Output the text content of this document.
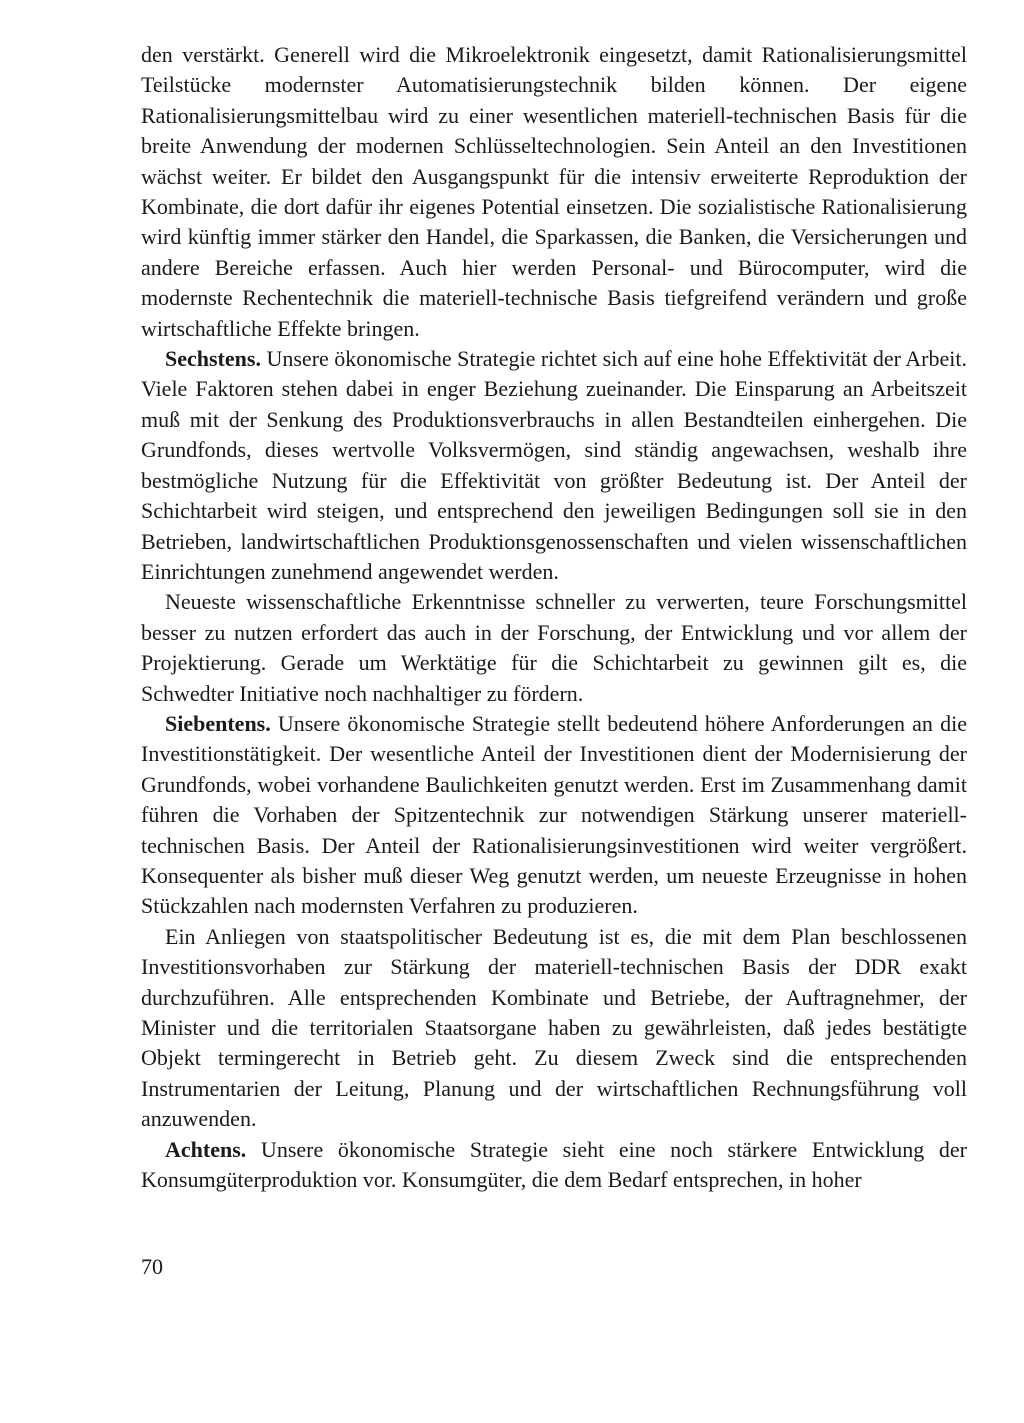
den verstärkt. Generell wird die Mikroelektronik eingesetzt, damit Rationalisierungsmittel Teilstücke modernster Automatisierungstechnik bilden können. Der eigene Rationalisierungsmittelbau wird zu einer wesentlichen materiell-technischen Basis für die breite Anwendung der modernen Schlüsseltechnologien. Sein Anteil an den Investitionen wächst weiter. Er bildet den Ausgangspunkt für die intensiv erweiterte Reproduktion der Kombinate, die dort dafür ihr eigenes Potential einsetzen. Die sozialistische Rationalisierung wird künftig immer stärker den Handel, die Sparkassen, die Banken, die Versicherungen und andere Bereiche erfassen. Auch hier werden Personal- und Bürocomputer, wird die modernste Rechentechnik die materiell-technische Basis tiefgreifend verändern und große wirtschaftliche Effekte bringen.

Sechstens. Unsere ökonomische Strategie richtet sich auf eine hohe Effektivität der Arbeit. Viele Faktoren stehen dabei in enger Beziehung zueinander. Die Einsparung an Arbeitszeit muß mit der Senkung des Produktionsverbrauchs in allen Bestandteilen einhergehen. Die Grundfonds, dieses wertvolle Volksvermögen, sind ständig angewachsen, weshalb ihre bestmögliche Nutzung für die Effektivität von größter Bedeutung ist. Der Anteil der Schichtarbeit wird steigen, und entsprechend den jeweiligen Bedingungen soll sie in den Betrieben, landwirtschaftlichen Produktionsgenossenschaften und vielen wissenschaftlichen Einrichtungen zunehmend angewendet werden.

Neueste wissenschaftliche Erkenntnisse schneller zu verwerten, teure Forschungsmittel besser zu nutzen erfordert das auch in der Forschung, der Entwicklung und vor allem der Projektierung. Gerade um Werktätige für die Schichtarbeit zu gewinnen gilt es, die Schwedter Initiative noch nachhaltiger zu fördern.

Siebentens. Unsere ökonomische Strategie stellt bedeutend höhere Anforderungen an die Investitionstätigkeit. Der wesentliche Anteil der Investitionen dient der Modernisierung der Grundfonds, wobei vorhandene Baulichkeiten genutzt werden. Erst im Zusammenhang damit führen die Vorhaben der Spitzentechnik zur notwendigen Stärkung unserer materiell-technischen Basis. Der Anteil der Rationalisierungsinvestitionen wird weiter vergrößert. Konsequenter als bisher muß dieser Weg genutzt werden, um neueste Erzeugnisse in hohen Stückzahlen nach modernsten Verfahren zu produzieren.

Ein Anliegen von staatspolitischer Bedeutung ist es, die mit dem Plan beschlossenen Investitionsvorhaben zur Stärkung der materiell-technischen Basis der DDR exakt durchzuführen. Alle entsprechenden Kombinate und Betriebe, der Auftragnehmer, der Minister und die territorialen Staatsorgane haben zu gewährleisten, daß jedes bestätigte Objekt termingerecht in Betrieb geht. Zu diesem Zweck sind die entsprechenden Instrumentarien der Leitung, Planung und der wirtschaftlichen Rechnungsführung voll anzuwenden.

Achtens. Unsere ökonomische Strategie sieht eine noch stärkere Entwicklung der Konsumgüterproduktion vor. Konsumgüter, die dem Bedarf entsprechen, in hoher

70
